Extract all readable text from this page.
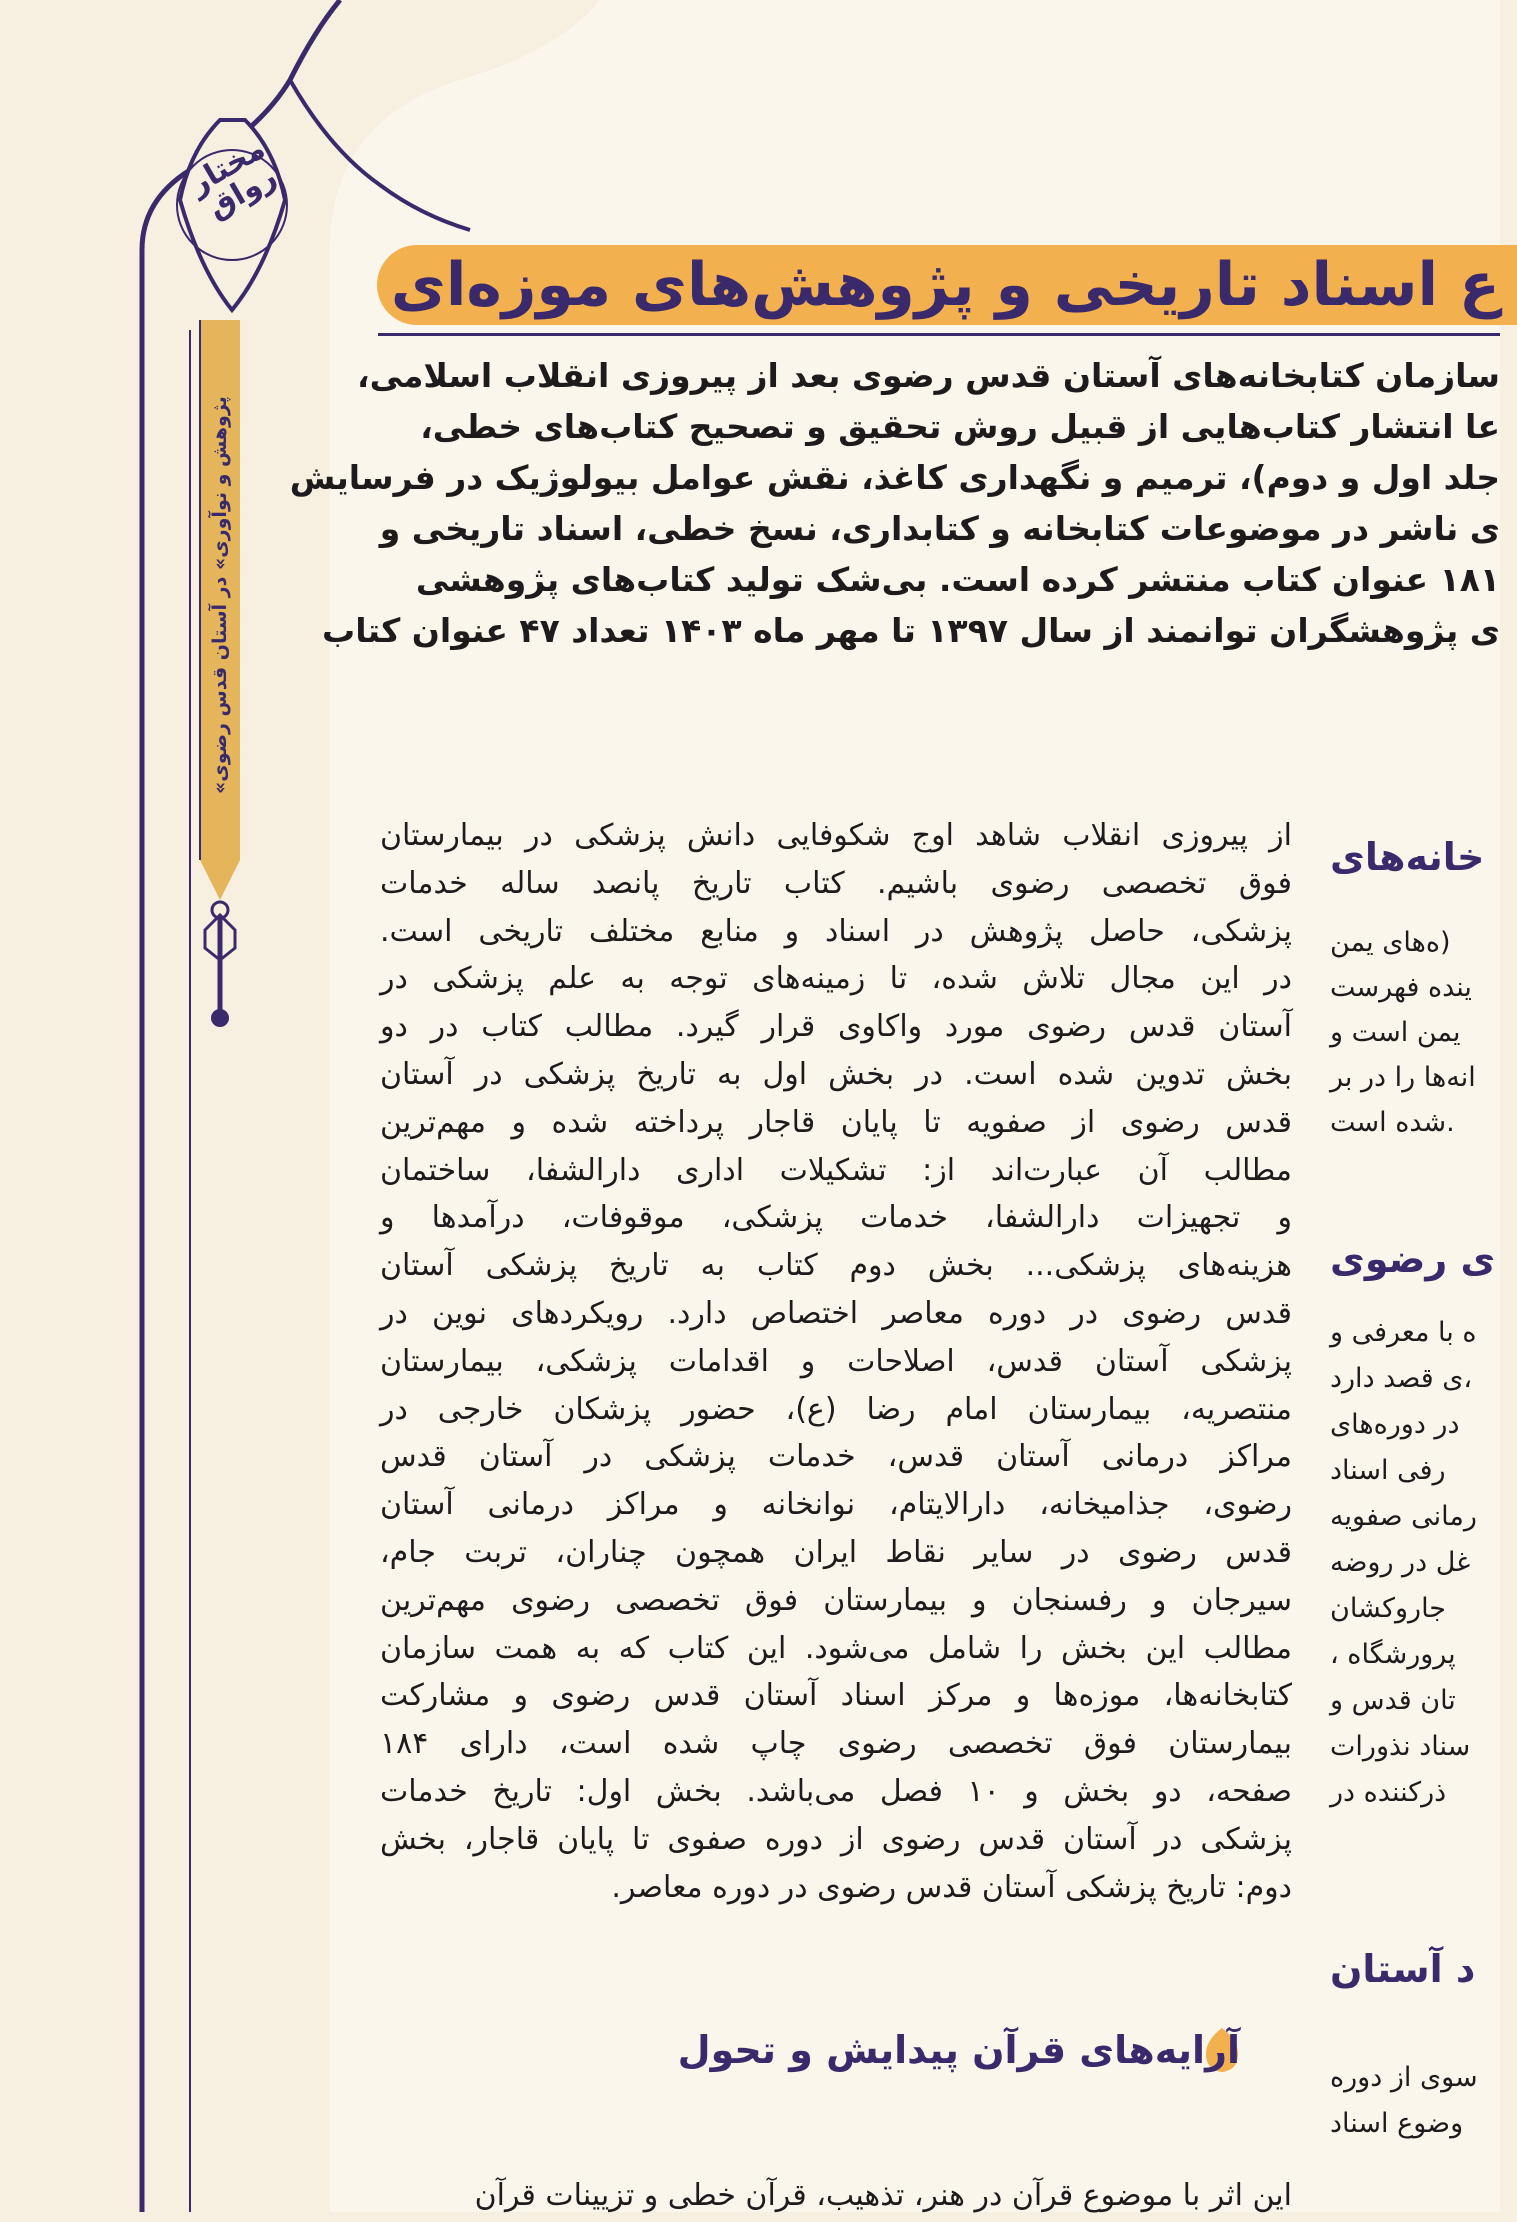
مختار رواق
«پژوهش و نوآوری» در آستان قدس رضوی
ع اسناد تاریخی و پژوهش‌های موزه‌ای
سازمان کتابخانه‌های آستان قدس رضوی بعد از پیروزی انقلاب اسلامی،
عا انتشار کتاب‌هایی از قبیل روش تحقیق و تصحیح کتاب‌های خطی،
جلد اول و دوم)، ترمیم و نگهداری کاغذ، نقش عوامل بیولوژیک در فرسایش
ی ناشر در موضوعات کتابخانه و کتابداری، نسخ خطی، اسناد تاریخی و
۱۸۱ عنوان کتاب منتشر کرده است. بی‌شک تولید کتاب‌های پژوهشی
ی پژوهشگران توانمند از سال ۱۳۹۷ تا مهر ماه ۱۴۰۳ تعداد ۴۷ عنوان کتاب
از پیروزی انقلاب شاهد اوج شکوفایی دانش پزشکی در بیمارستان
فوق تخصصی رضوی باشیم. کتاب تاریخ پانصد ساله خدمات
پزشکی، حاصل پژوهش در اسناد و منابع مختلف تاریخی است.
در این مجال تلاش شده، تا زمینه‌های توجه به علم پزشکی در
آستان قدس رضوی مورد واکاوی قرار گیرد. مطالب کتاب در دو
بخش تدوین شده است. در بخش اول به تاریخ پزشکی در آستان
قدس رضوی از صفویه تا پایان قاجار پرداخته شده و مهم‌ترین
مطالب آن عبارت‌اند از: تشکیلات اداری دارالشفا، ساختمان
و تجهیزات دارالشفا، خدمات پزشکی، موقوفات، درآمدها و
هزینه‌های پزشکی... بخش دوم کتاب به تاریخ پزشکی آستان
قدس رضوی در دوره معاصر اختصاص دارد. رویکردهای نوین در
پزشکی آستان قدس، اصلاحات و اقدامات پزشکی، بیمارستان
منتصریه، بیمارستان امام رضا (ع)، حضور پزشکان خارجی در
مراکز درمانی آستان قدس، خدمات پزشکی در آستان قدس
رضوی، جذامیخانه، دارالایتام، نوانخانه و مراکز درمانی آستان
قدس رضوی در سایر نقاط ایران همچون چناران، تربت جام،
سیرجان و رفسنجان و بیمارستان فوق تخصصی رضوی مهم‌ترین
مطالب این بخش را شامل می‌شود. این کتاب که به همت سازمان
کتابخانه‌ها، موزه‌ها و مرکز اسناد آستان قدس رضوی و مشارکت
بیمارستان فوق تخصصی رضوی چاپ شده است، دارای ۱۸۴
صفحه، دو بخش و ۱۰ فصل می‌باشد. بخش اول: تاریخ خدمات
پزشکی در آستان قدس رضوی از دوره صفوی تا پایان قاجار، بخش
دوم: تاریخ پزشکی آستان قدس رضوی در دوره معاصر.
آرایه‌های قرآن پیدایش و تحول
این اثر با موضوع قرآن در هنر، تذهیب، قرآن خطی و تزیینات قرآن
خانه‌های
ه‌های یمن)
ینده فهرست
یمن است و
انه‌ها را در بر
شده است.
ی رضوی
ه با معرفی و
ی قصد دارد،
در دوره‌های
رفی اسناد
رمانی صفویه
غل در روضه
جاروکشان
، پرورشگاه
تان قدس و
سناد نذورات
ذرکننده در
د آستان
سوی از دوره
وضوع اسناد
